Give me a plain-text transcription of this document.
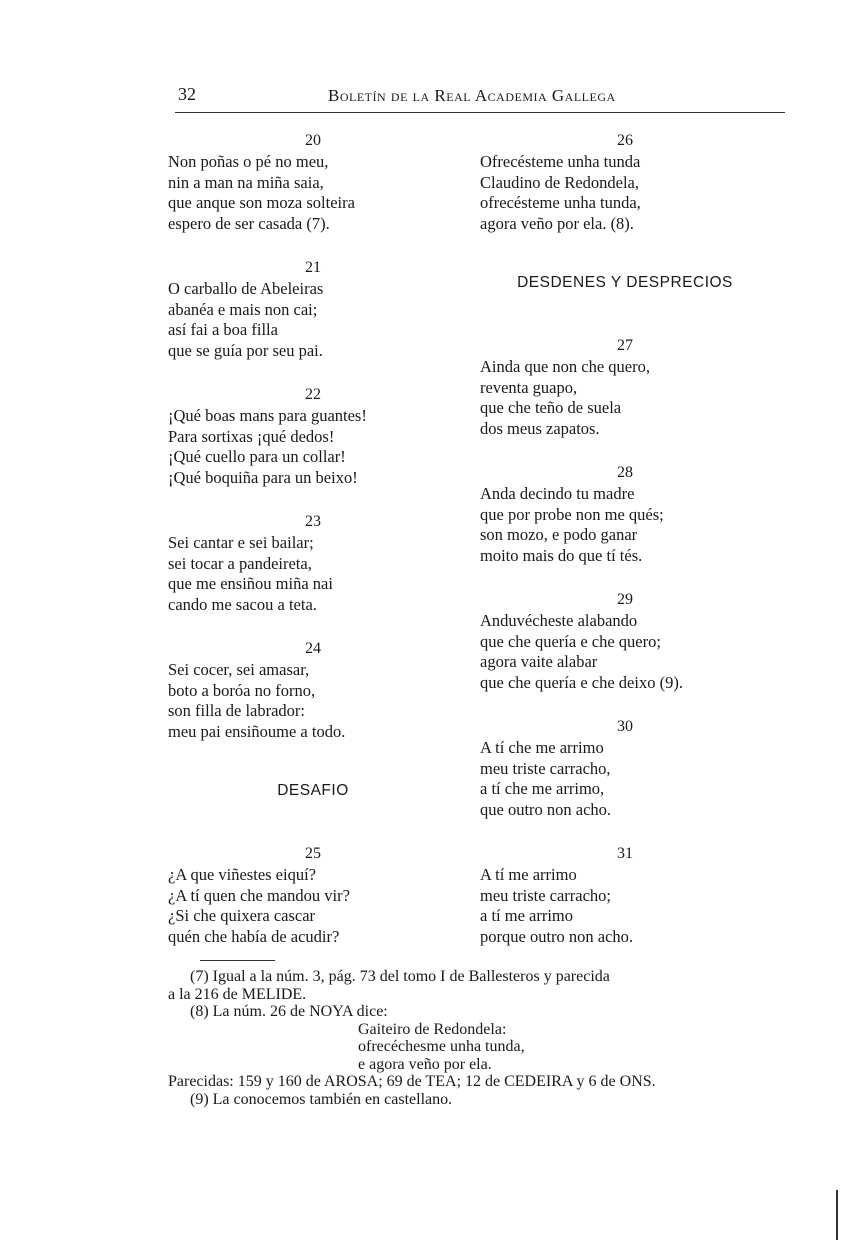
32	Boletín de la Real Academia Gallega
20
Non poñas o pé no meu,
nin a man na miña saia,
que anque son moza solteira
espero de ser casada (7).
21
O carballo de Abeleiras
abanéa e mais non cai;
así fai a boa filla
que se guía por seu pai.
22
¡Qué boas mans para guantes!
Para sortixas ¡qué dedos!
¡Qué cuello para un collar!
¡Qué boquiña para un beixo!
23
Sei cantar e sei bailar;
sei tocar a pandeireta,
que me ensiñou miña nai
cando me sacou a teta.
24
Sei cocer, sei amasar,
boto a boróa no forno,
son filla de labrador:
meu pai ensiñoume a todo.
DESAFIO
25
¿A que viñestes eiquí?
¿A tí quen che mandou vir?
¿Si che quixera cascar
quén che había de acudir?
26
Ofrecésteme unha tunda
Claudino de Redondela,
ofrecésteme unha tunda,
agora veño por ela. (8).
DESDENES Y DESPRECIOS
27
Ainda que non che quero,
reventa guapo,
que che teño de suela
dos meus zapatos.
28
Anda decindo tu madre
que por probe non me qués;
son mozo, e podo ganar
moito mais do que tí tés.
29
Anduvécheste alabando
que che quería e che quero;
agora vaite alabar
que che quería e che deixo (9).
30
A tí che me arrimo
meu triste carracho,
a tí che me arrimo,
que outro non acho.
31
A tí me arrimo
meu triste carracho;
a tí me arrimo
porque outro non acho.
(7) Igual a la núm. 3, pág. 73 del tomo I de Ballesteros y parecida
a la 216 de MELIDE.
(8) La núm. 26 de NOYA dice:
Gaiteiro de Redondela:
ofrecéchesme unha tunda,
e agora veño por ela.
Parecidas: 159 y 160 de AROSA; 69 de TEA; 12 de CEDEIRA y 6 de ONS.
(9) La conocemos también en castellano.
